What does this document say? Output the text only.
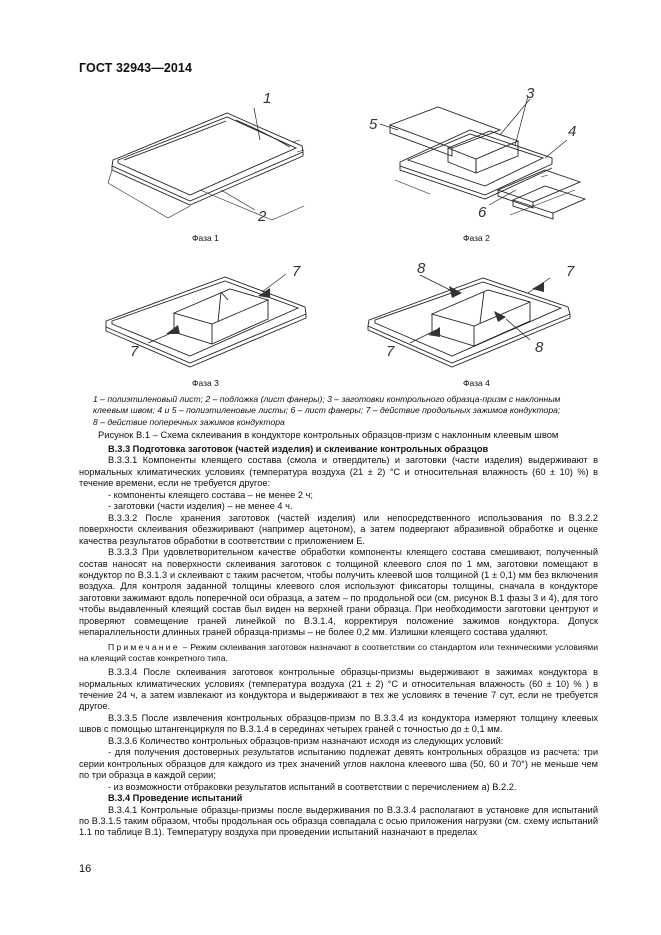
ГОСТ 32943—2014
1
2
3
4
5
6
7
7
8	7
7	8
Фаза 1	Фаза 2
Фаза 3	Фаза 4
1 – полиэтиленовый лист; 2 – подложка (лист фанеры); 3 – заготовки контрольного образца-призм с наклонным
клеевым швом; 4 и 5 – полиэтиленовые листы; 6 – лист фанеры; 7 – действие продольных зажимов кондуктора;
8 – действие поперечных зажимов кондуктора
Рисунок В.1 – Схема склеивания в кондукторе контрольных образцов-призм с наклонным клеевым швом

В.3.3 Подготовка заготовок (частей изделия) и склеивание контрольных образцов

В.3.3.1 Компоненты клеящего состава (смола и отвердитель) и заготовки (части изделия) выдерживают в нормальных климатических условиях (температура воздуха (21 ± 2) °С и относительная влажность (60 ± 10) %) в течение времени, если не требуется другое:

- компоненты клеящего состава – не менее 2 ч;

- заготовки (части изделия) – не менее 4 ч.

В.3.3.2 После хранения заготовок (частей изделия) или непосредственного использования по В.3.2.2 поверхности склеивания обезжиривают (например ацетоном), а затем подвергают абразивной обработке и оценке качества результатов обработки в соответствии с приложением Е.

В.3.3.3 При удовлетворительном качестве обработки компоненты клеящего состава смешивают, полученный состав наносят на поверхности склеивания заготовок с толщиной клеевого слоя по 1 мм, заготовки помещают в кондуктор по В.3.1.3 и склеивают с таким расчетом, чтобы получить клеевой шов толщиной (1 ± 0,1) мм без включения воздуха. Для контроля заданной толщины клеевого слоя используют фиксаторы толщины, сначала в кондукторе заготовки зажимают вдоль поперечной оси образца, а затем – по продольной оси (см. рисунок В.1 фазы 3 и 4), для того чтобы выдавленный клеящий состав был виден на верхней грани образца. При необходимости заготовки центруют и проверяют совмещение граней линейкой по В.3.1.4, корректируя положение зажимов кондуктора. Допуск непараллельности длинных граней образца-призмы – не более 0,2 мм. Излишки клеящего состава удаляют.

Примечание – Режим склеивания заготовок назначают в соответствии со стандартом или техническими условиями на клеящий состав конкретного типа.

В.3.3.4 После склеивания заготовок контрольные образцы-призмы выдерживают в зажимах кондуктора в нормальных климатических условиях (температура воздуха (21 ± 2) °С и относительная влажность (60 ± 10) % ) в течение 24 ч, а затем извлекают из кондуктора и выдерживают в тех же условиях в течение 7 сут, если не требуется другое.

В.3.3.5 После извлечения контрольных образцов-призм по В.3.3.4 из кондуктора измеряют толщину клеевых швов с помощью штангенциркуля по В.3.1.4 в серединах четырех граней с точностью до ± 0,1 мм.

В.3.3.6 Количество контрольных образцов-призм назначают исходя из следующих условий:

- для получения достоверных результатов испытанию подлежат девять контрольных образцов из расчета: три серии контрольных образцов для каждого из трех значений углов наклона клеевого шва (50, 60 и 70°) не меньше чем по три образца в каждой серии;

- из возможности отбраковки результатов испытаний в соответствии с перечислением а) В.2.2.

В.3.4 Проведение испытаний

В.3.4.1 Контрольные образцы-призмы после выдерживания по В.3.3.4 располагают в установке для испытаний по В.3.1.5 таким образом, чтобы продольная ось образца совпадала с осью приложения нагрузки (см. схему испытаний 1.1 по таблице В.1). Температуру воздуха при проведении испытаний назначают в пределах

16
